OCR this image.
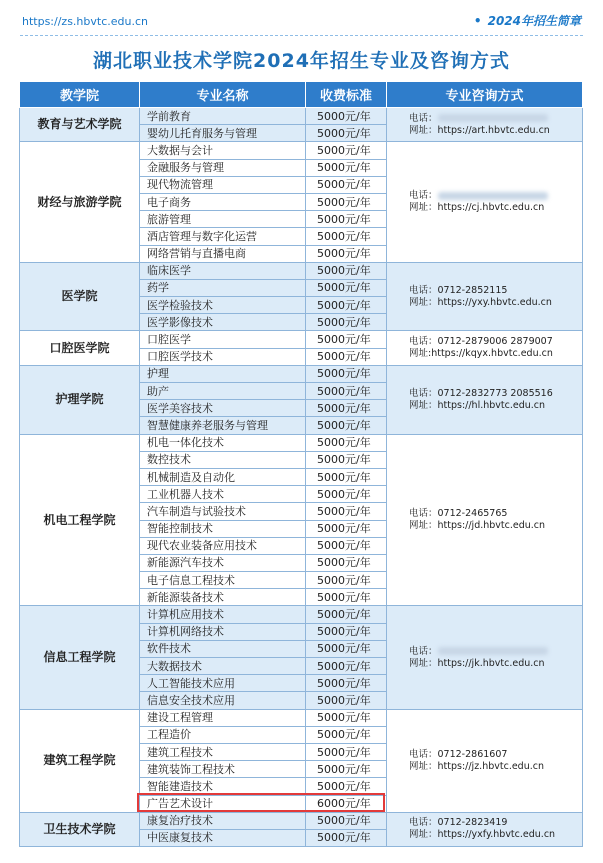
https://zs.hbvtc.edu.cn	• 2024年招生简章
湖北职业技术学院2024年招生专业及咨询方式
教学院	专业名称	收费标准	专业咨询方式
教育与艺术学院	学前教育	5000元/年	电话：
网址：https://art.hbvtc.edu.cn

	婴幼儿托育服务与管理	5000元/年	
财经与旅游学院	大数据与会计	5000元/年	电话：
网址：https://cj.hbvtc.edu.cn

	金融服务与管理	5000元/年	
	现代物流管理	5000元/年	
	电子商务	5000元/年	
	旅游管理	5000元/年	
	酒店管理与数字化运营	5000元/年	
	网络营销与直播电商	5000元/年	
医学院	临床医学	5000元/年	电话：0712-2852115
网址：https://yxy.hbvtc.edu.cn

	药学	5000元/年	
	医学检验技术	5000元/年	
	医学影像技术	5000元/年	
口腔医学院	口腔医学	5000元/年	电话：0712-2879006 2879007
网址:https://kqyx.hbvtc.edu.cn

	口腔医学技术	5000元/年	
护理学院	护理	5000元/年	电话：0712-2832773 2085516
网址：https://hl.hbvtc.edu.cn

	助产	5000元/年	
	医学美容技术	5000元/年	
	智慧健康养老服务与管理	5000元/年	
机电工程学院	机电一体化技术	5000元/年	电话：0712-2465765
网址：https://jd.hbvtc.edu.cn

	数控技术	5000元/年	
	机械制造及自动化	5000元/年	
	工业机器人技术	5000元/年	
	汽车制造与试验技术	5000元/年	
	智能控制技术	5000元/年	
	现代农业装备应用技术	5000元/年	
	新能源汽车技术	5000元/年	
	电子信息工程技术	5000元/年	
	新能源装备技术	5000元/年	
信息工程学院	计算机应用技术	5000元/年	电话：
网址：https://jk.hbvtc.edu.cn

	计算机网络技术	5000元/年	
	软件技术	5000元/年	
	大数据技术	5000元/年	
	人工智能技术应用	5000元/年	
	信息安全技术应用	5000元/年	
建筑工程学院	建设工程管理	5000元/年	电话：0712-2861607
网址：https://jz.hbvtc.edu.cn

	工程造价	5000元/年	
	建筑工程技术	5000元/年	
	建筑装饰工程技术	5000元/年	
	智能建造技术	5000元/年	
	广告艺术设计	6000元/年	
卫生技术学院	康复治疗技术	5000元/年	电话：0712-2823419
网址：https://yxfy.hbvtc.edu.cn

	中医康复技术	5000元/年	
